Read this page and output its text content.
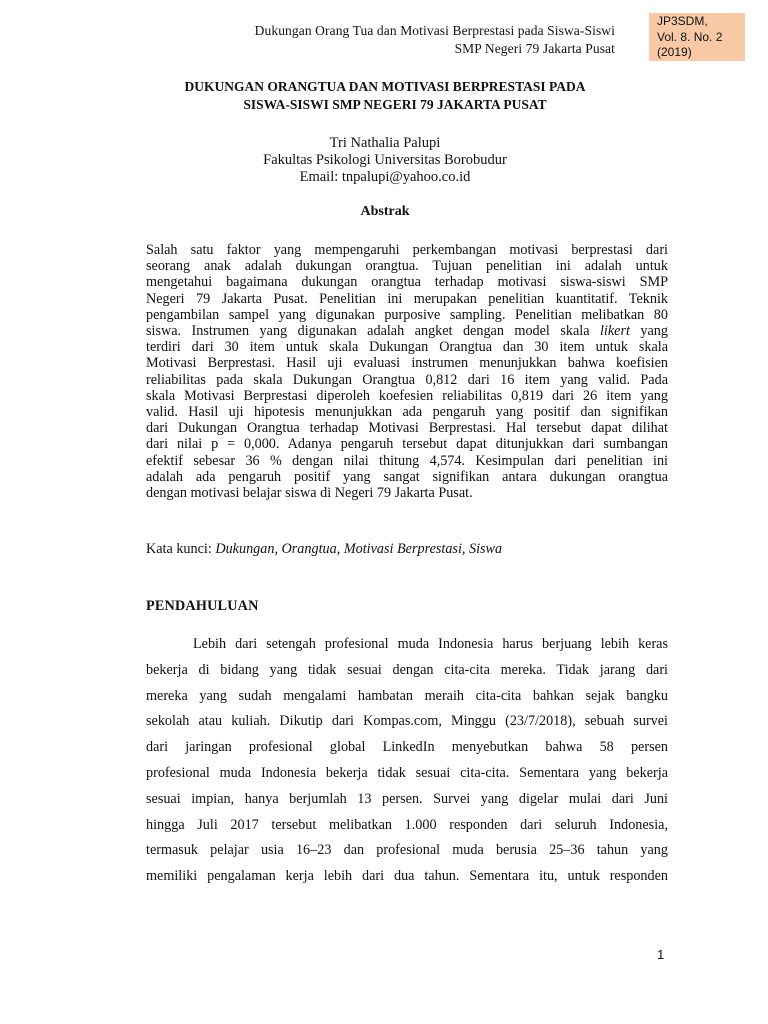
Dukungan Orang Tua dan Motivasi Berprestasi pada Siswa-Siswi
SMP Negeri 79 Jakarta Pusat
JP3SDM,
Vol. 8. No. 2
(2019)
DUKUNGAN ORANGTUA DAN MOTIVASI BERPRESTASI PADA
SISWA-SISWI SMP NEGERI 79 JAKARTA PUSAT
Tri Nathalia Palupi
Fakultas Psikologi Universitas Borobudur
Email: tnpalupi@yahoo.co.id
Abstrak
Salah satu faktor yang mempengaruhi perkembangan motivasi berprestasi dari
seorang anak adalah dukungan orangtua. Tujuan penelitian ini adalah untuk
mengetahui bagaimana dukungan orangtua terhadap motivasi siswa-siswi SMP
Negeri 79 Jakarta Pusat. Penelitian ini merupakan penelitian kuantitatif. Teknik
pengambilan sampel yang digunakan purposive sampling. Penelitian melibatkan 80
siswa. Instrumen yang digunakan adalah angket dengan model skala likert yang
terdiri dari 30 item untuk skala Dukungan Orangtua dan 30 item untuk skala
Motivasi Berprestasi. Hasil uji evaluasi instrumen menunjukkan bahwa koefisien
reliabilitas pada skala Dukungan Orangtua 0,812 dari 16 item yang valid. Pada
skala Motivasi Berprestasi diperoleh koefesien reliabilitas 0,819 dari 26 item yang
valid. Hasil uji hipotesis menunjukkan ada pengaruh yang positif dan signifikan
dari Dukungan Orangtua terhadap Motivasi Berprestasi. Hal tersebut dapat dilihat
dari nilai p = 0,000. Adanya pengaruh tersebut dapat ditunjukkan dari sumbangan
efektif sebesar 36 % dengan nilai thitung 4,574. Kesimpulan dari penelitian ini
adalah ada pengaruh positif yang sangat signifikan antara dukungan orangtua
dengan motivasi belajar siswa di Negeri 79 Jakarta Pusat.
Kata kunci: Dukungan, Orangtua, Motivasi Berprestasi, Siswa
PENDAHULUAN
Lebih dari setengah profesional muda Indonesia harus berjuang lebih keras
bekerja di bidang yang tidak sesuai dengan cita-cita mereka. Tidak jarang dari
mereka yang sudah mengalami hambatan meraih cita-cita bahkan sejak bangku
sekolah atau kuliah. Dikutip dari Kompas.com, Minggu (23/7/2018), sebuah survei
dari jaringan profesional global LinkedIn menyebutkan bahwa 58 persen
profesional muda Indonesia bekerja tidak sesuai cita-cita. Sementara yang bekerja
sesuai impian, hanya berjumlah 13 persen. Survei yang digelar mulai dari Juni
hingga Juli 2017 tersebut melibatkan 1.000 responden dari seluruh Indonesia,
termasuk pelajar usia 16–23 dan profesional muda berusia 25–36 tahun yang
memiliki pengalaman kerja lebih dari dua tahun. Sementara itu, untuk responden
1
